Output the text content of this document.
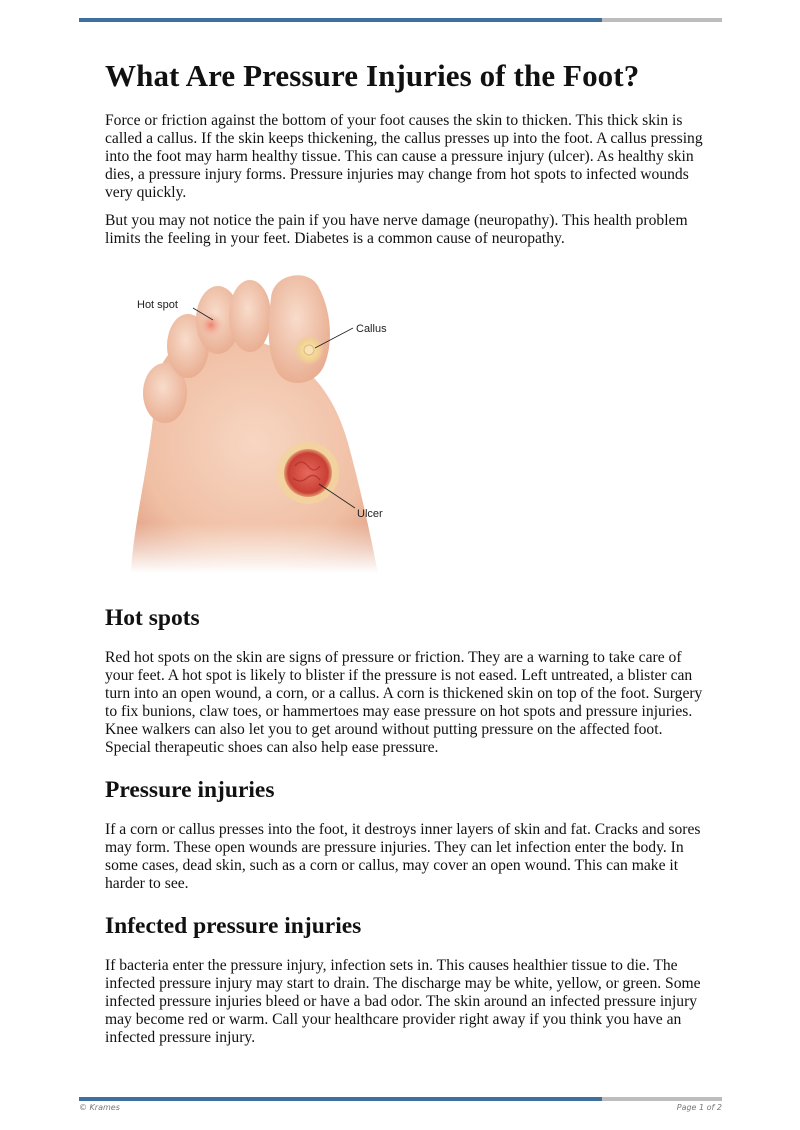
What Are Pressure Injuries of the Foot?

Force or friction against the bottom of your foot causes the skin to thicken. This thick skin is called a callus. If the skin keeps thickening, the callus presses up into the foot. A callus pressing into the foot may harm healthy tissue. This can cause a pressure injury (ulcer). As healthy skin dies, a pressure injury forms. Pressure injuries may change from hot spots to infected wounds very quickly.

But you may not notice the pain if you have nerve damage (neuropathy). This health problem limits the feeling in your feet. Diabetes is a common cause of neuropathy.

Hot spot
Callus
Ulcer
Hot spots

Red hot spots on the skin are signs of pressure or friction. They are a warning to take care of your feet. A hot spot is likely to blister if the pressure is not eased. Left untreated, a blister can turn into an open wound, a corn, or a callus. A corn is thickened skin on top of the foot. Surgery to fix bunions, claw toes, or hammertoes may ease pressure on hot spots and pressure injuries. Knee walkers can also let you to get around without putting pressure on the affected foot. Special therapeutic shoes can also help ease pressure.

Pressure injuries

If a corn or callus presses into the foot, it destroys inner layers of skin and fat. Cracks and sores may form. These open wounds are pressure injuries. They can let infection enter the body. In some cases, dead skin, such as a corn or callus, may cover an open wound. This can make it harder to see.

Infected pressure injuries

If bacteria enter the pressure injury, infection sets in. This causes healthier tissue to die. The infected pressure injury may start to drain. The discharge may be white, yellow, or green. Some infected pressure injuries bleed or have a bad odor. The skin around an infected pressure injury may become red or warm. Call your healthcare provider right away if you think you have an infected pressure injury.

© Krames	Page 1 of 2
